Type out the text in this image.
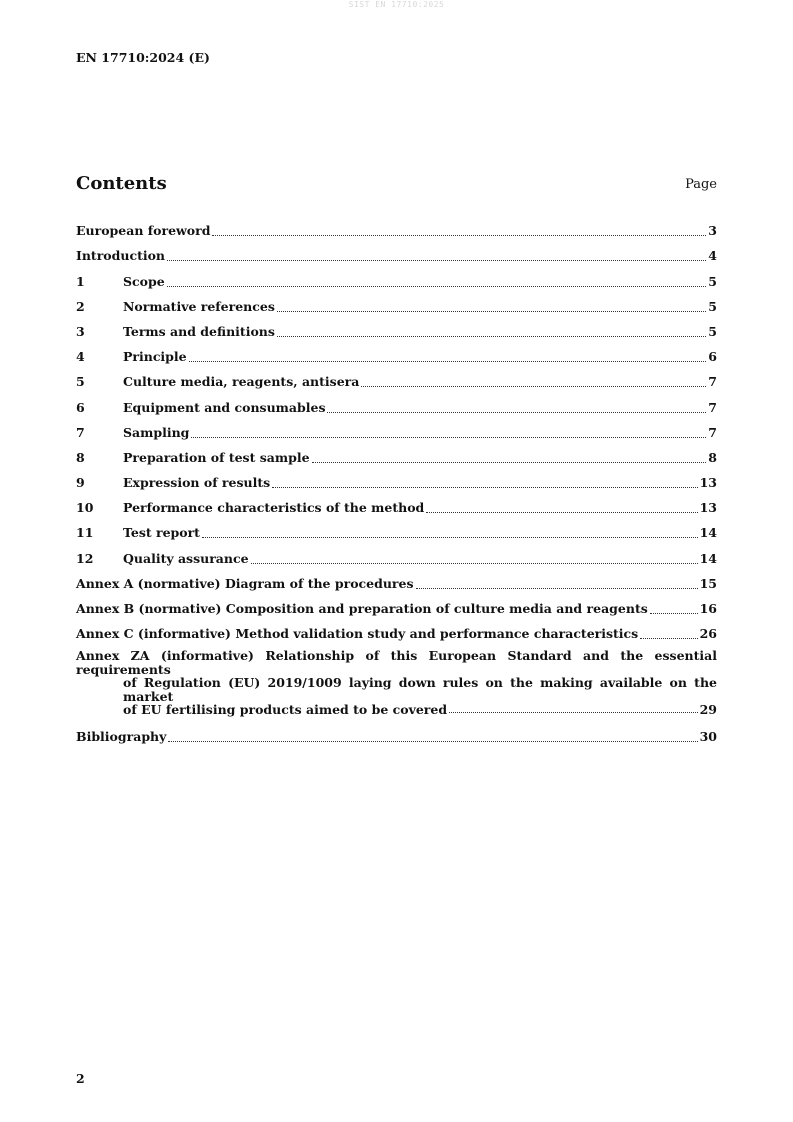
SIST EN 17710:2025
EN 17710:2024 (E)
Contents	Page
European foreword	3
Introduction	4
1	Scope	5
2	Normative references	5
3	Terms and definitions	5
4	Principle	6
5	Culture media, reagents, antisera	7
6	Equipment and consumables	7
7	Sampling	7
8	Preparation of test sample	8
9	Expression of results	13
10	Performance characteristics of the method	13
11	Test report	14
12	Quality assurance	14
Annex A (normative) Diagram of the procedures	15
Annex B (normative) Composition and preparation of culture media and reagents	16
Annex C (informative) Method validation study and performance characteristics	26
Annex ZA (informative) Relationship of this European Standard and the essential requirements
of Regulation (EU) 2019/1009 laying down rules on the making available on the market
of EU fertilising products aimed to be covered	29
Bibliography	30
2
